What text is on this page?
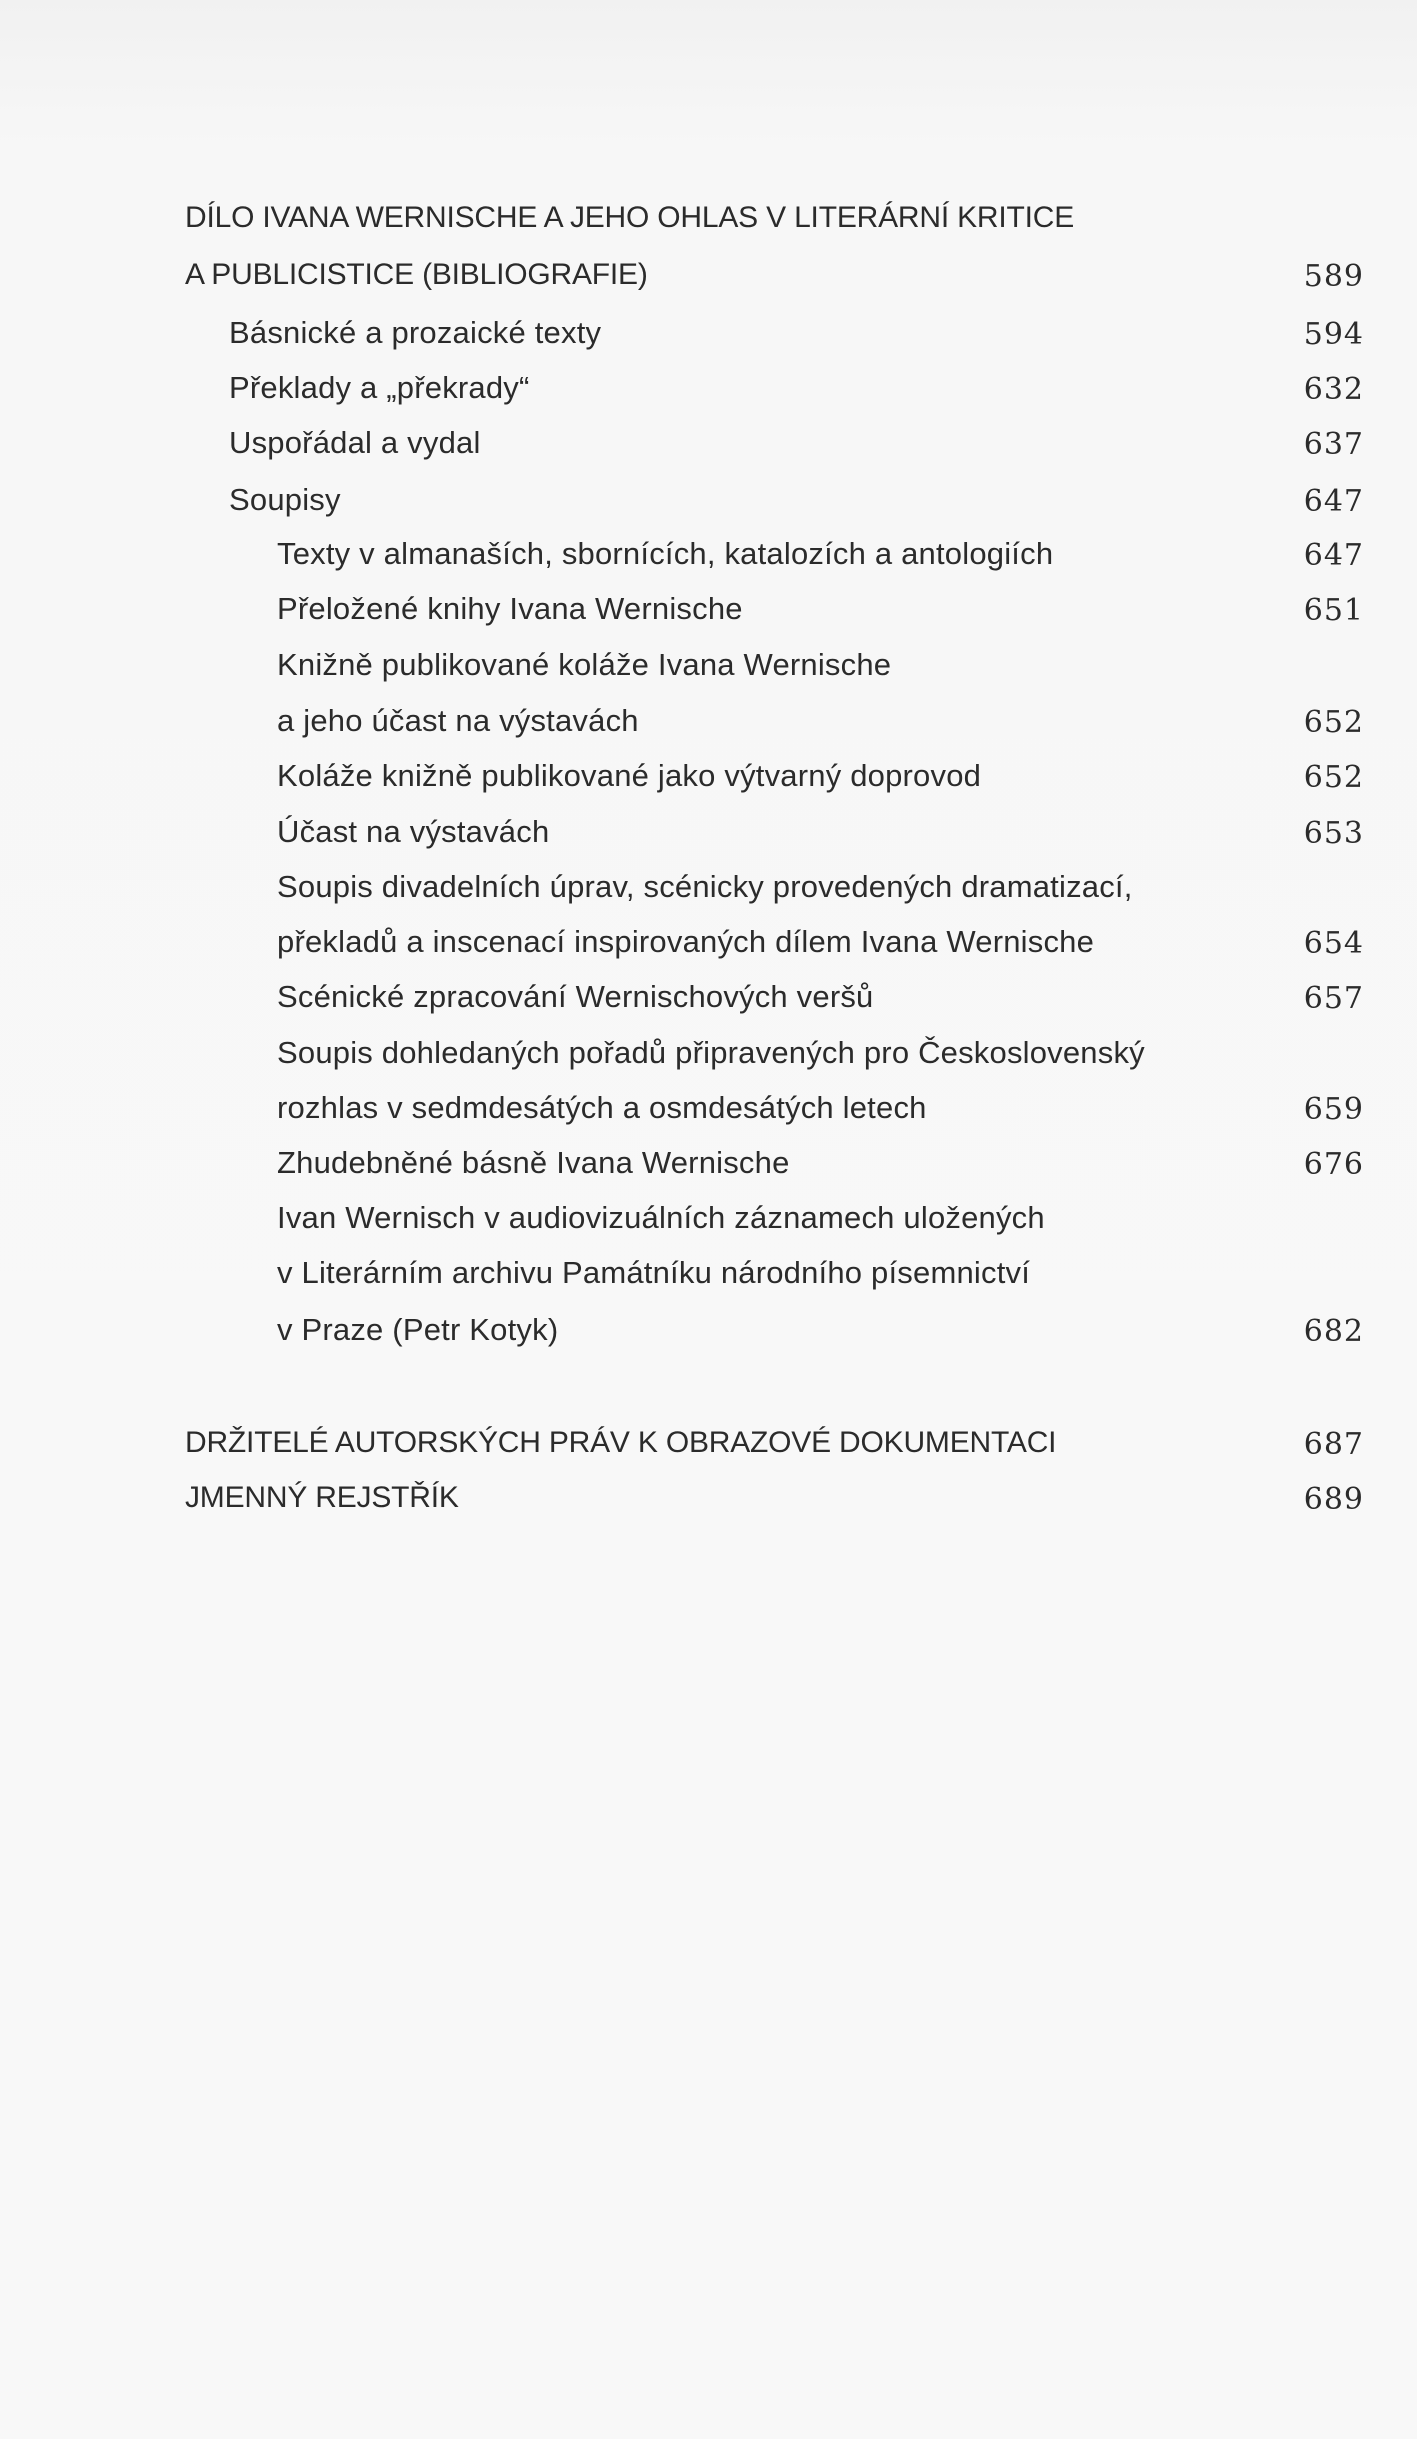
DÍLO IVANA WERNISCHE A JEHO OHLAS V LITERÁRNÍ KRITICE
A PUBLICISTICE (BIBLIOGRAFIE)	589
Básnické a prozaické texty	594
Překlady a „překrady“	632
Uspořádal a vydal	637
Soupisy	647
Texty v almanaších, sbornících, katalozích a antologiích	647
Přeložené knihy Ivana Wernische	651
Knižně publikované koláže Ivana Wernische
a jeho účast na výstavách	652
Koláže knižně publikované jako výtvarný doprovod	652
Účast na výstavách	653
Soupis divadelních úprav, scénicky provedených dramatizací,
překladů a inscenací inspirovaných dílem Ivana Wernische	654
Scénické zpracování Wernischových veršů	657
Soupis dohledaných pořadů připravených pro Československý
rozhlas v sedmdesátých a osmdesátých letech	659
Zhudebněné básně Ivana Wernische	676
Ivan Wernisch v audiovizuálních záznamech uložených
v Literárním archivu Památníku národního písemnictví
v Praze (Petr Kotyk)	682
DRŽITELÉ AUTORSKÝCH PRÁV K OBRAZOVÉ DOKUMENTACI	687
JMENNÝ REJSTŘÍK	689
